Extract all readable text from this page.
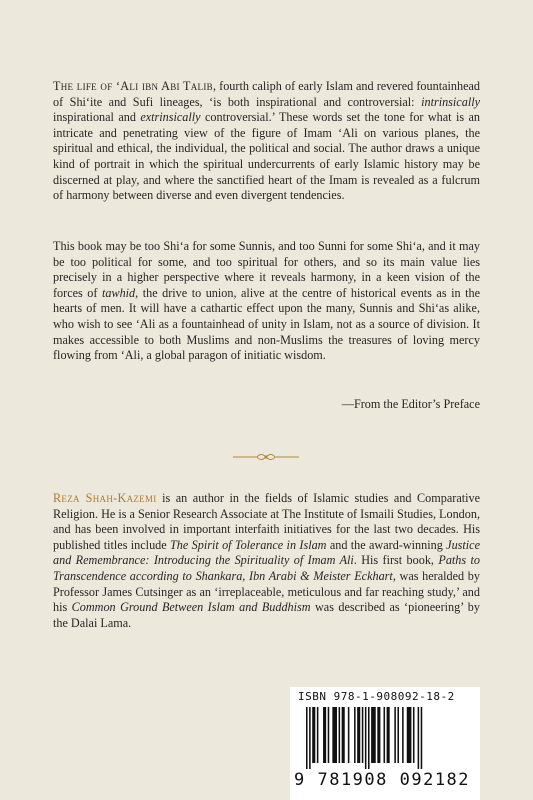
The life of ‘Ali ibn Abi Talib, fourth caliph of early Islam and revered fountainhead of Shi‘ite and Sufi lineages, ‘is both inspirational and controversial: intrinsically inspirational and extrinsically controversial.’ These words set the tone for what is an intricate and penetrating view of the figure of Imam ‘Ali on various planes, the spiritual and ethical, the individual, the political and social. The author draws a unique kind of portrait in which the spiritual undercurrents of early Islamic history may be discerned at play, and where the sanctified heart of the Imam is revealed as a fulcrum of harmony between diverse and even divergent tendencies.

This book may be too Shi‘a for some Sunnis, and too Sunni for some Shi‘a, and it may be too political for some, and too spiritual for others, and so its main value lies precisely in a higher perspective where it reveals harmony, in a keen vision of the forces of tawhid, the drive to union, alive at the centre of historical events as in the hearts of men. It will have a cathartic effect upon the many, Sunnis and Shi‘as alike, who wish to see ‘Ali as a fountainhead of unity in Islam, not as a source of division. It makes accessible to both Muslims and non-Muslims the treasures of loving mercy flowing from ‘Ali, a global paragon of initiatic wisdom.

—From the Editor’s Preface

Reza Shah-Kazemi is an author in the fields of Islamic studies and Comparative Religion. He is a Senior Research Associate at The Institute of Ismaili Studies, London, and has been involved in important interfaith initiatives for the last two decades. His published titles include The Spirit of Tolerance in Islam and the award-winning Justice and Remembrance: Introducing the Spirituality of Imam Ali. His first book, Paths to Transcendence according to Shankara, Ibn Arabi & Meister Eckhart, was heralded by Professor James Cutsinger as an ‘irreplaceable, meticulous and far reaching study,’ and his Common Ground Between Islam and Buddhism was described as ‘pioneering’ by the Dalai Lama.

ISBN 978-1-908092-18-2
9 781908 092182
